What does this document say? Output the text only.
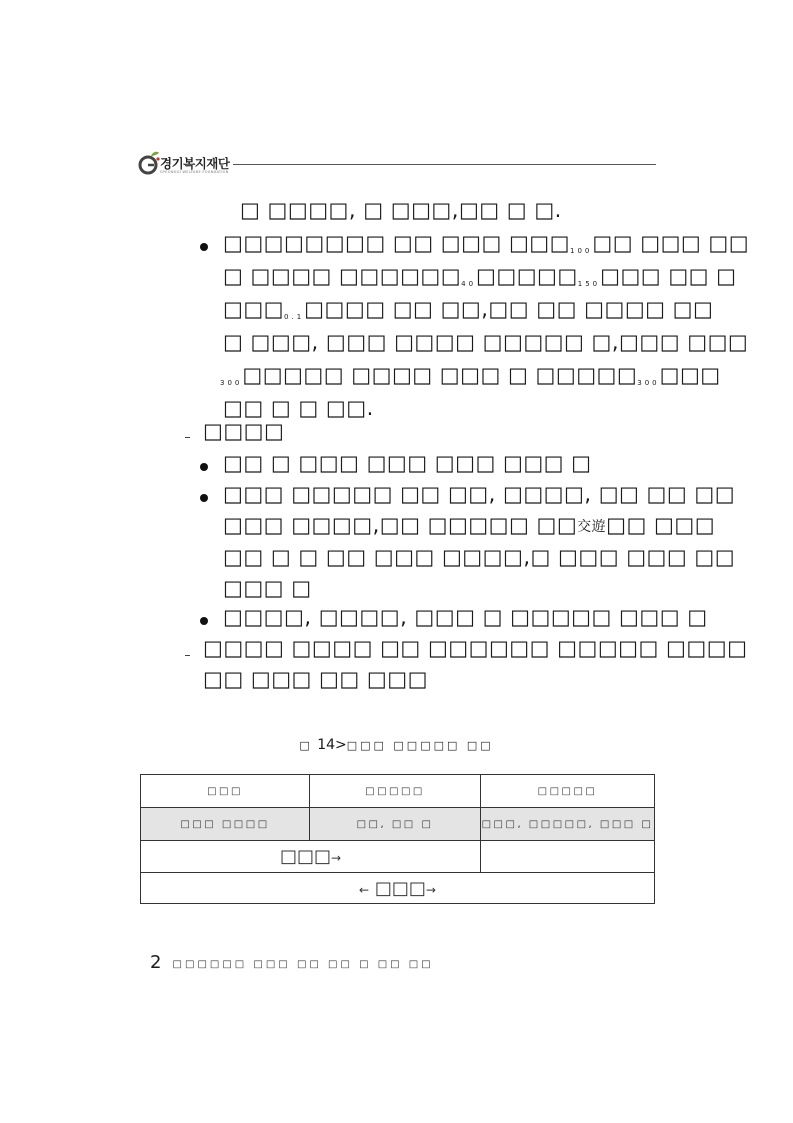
경기복지재단
GYEONGGI WELFARE FOUNDATION
□ □□□□, □ □□□,□□ □ □.
□□□□□□□□ □□ □□□ □□□100□□ □□□ □□
□ □□□□ □□□□□□40□□□□□150□□□ □□ □
□□□0.1□□□□ □□ □□,□□ □□ □□□□ □□
□ □□□, □□□ □□□□ □□□□□ □,□□□ □□□
300□□□□□ □□□□ □□□ □ □□□□□300□□□
□□ □ □ □□.
□□□□
□□ □ □□□ □□□ □□□ □□□ □
□□□ □□□□□ □□ □□, □□□□, □□ □□ □□
□□□ □□□□,□□ □□□□□ □□交遊□□ □□□
□□ □ □ □□ □□□ □□□□,□ □□□ □□□ □□
□□□ □
□□□□, □□□□, □□□ □ □□□□□ □□□ □
□□□□ □□□□ □□ □□□□□□ □□□□□ □□□□
□□ □□□ □□ □□□
□ 14>□□□ □□□□□ □□
□□□	□□□□□	□□□□□
□□□ □□□□	□□, □□ □	□□□, □□□□□, □□□ □
□□□→		
← □□□→		
2 □□□□□□ □□□ □□ □□ □ □□ □□
